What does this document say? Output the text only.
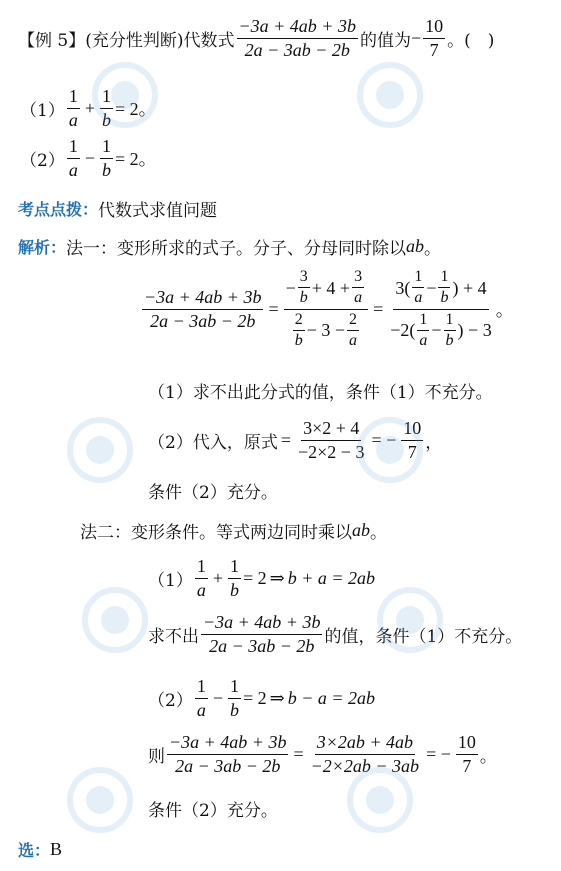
【例 5】 (充分性判断) 代数式 $\frac{-3a + 4ab + 3b}{2a - 3ab - 2b}$ 的值为 − $\frac{10}{7}$ 。(　)
$(1) \frac{1}{a} + \frac{1}{b} = 2$。
$(2) \frac{1}{a} - \frac{1}{b} = 2$。
考点点拨： 代数式求值问题
解析： 法一：变形所求的式子。分子、分母同时除以 ab 。
$\frac{-3a + 4ab + 3b}{2a - 3ab - 2b} = \frac{- \frac{3}{b} + 4 + \frac{3}{a}}{\frac{2}{b} - 3 - \frac{2}{a}} = \frac{3( \frac{1}{a} - \frac{1}{b} ) + 4}{-2( \frac{1}{a} - \frac{1}{b} ) - 3}$ 。
（1）求不出此分式的值，条件（1）不充分。
（2）代入，原式 = $\frac{3\times 2 + 4}{-2\times 2 - 3}$ = − $\frac{10}{7}$ ，
条件（2）充分。
法二：变形条件。等式两边同时乘以 ab 。
$(1) \frac{1}{a} + \frac{1}{b} = 2$ ⇒ b + a = 2ab
求不出 $\frac{-3a + 4ab + 3b}{2a - 3ab - 2b}$ 的值，条件（1）不充分。
$(2) \frac{1}{a} - \frac{1}{b} = 2$ ⇒ b − a = 2ab
则 $\frac{-3a + 4ab + 3b}{2a - 3ab - 2b} = \frac{3\times 2ab + 4ab}{-2\times 2ab - 3ab}$ = − $\frac{10}{7}$ 。
条件（2）充分。
选： B
